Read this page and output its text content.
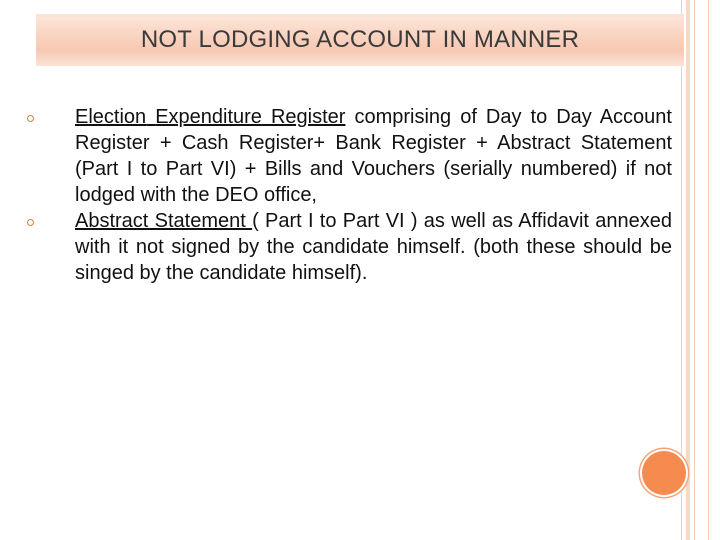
NOT LODGING ACCOUNT IN MANNER

Election Expenditure Register comprising of Day to Day Account Register + Cash Register+ Bank Register + Abstract Statement (Part I to Part VI) + Bills and Vouchers (serially numbered) if not lodged with the DEO office,

Abstract Statement ( Part I to Part VI ) as well as Affidavit annexed with it not signed by the candidate himself. (both these should be singed by the candidate himself).
